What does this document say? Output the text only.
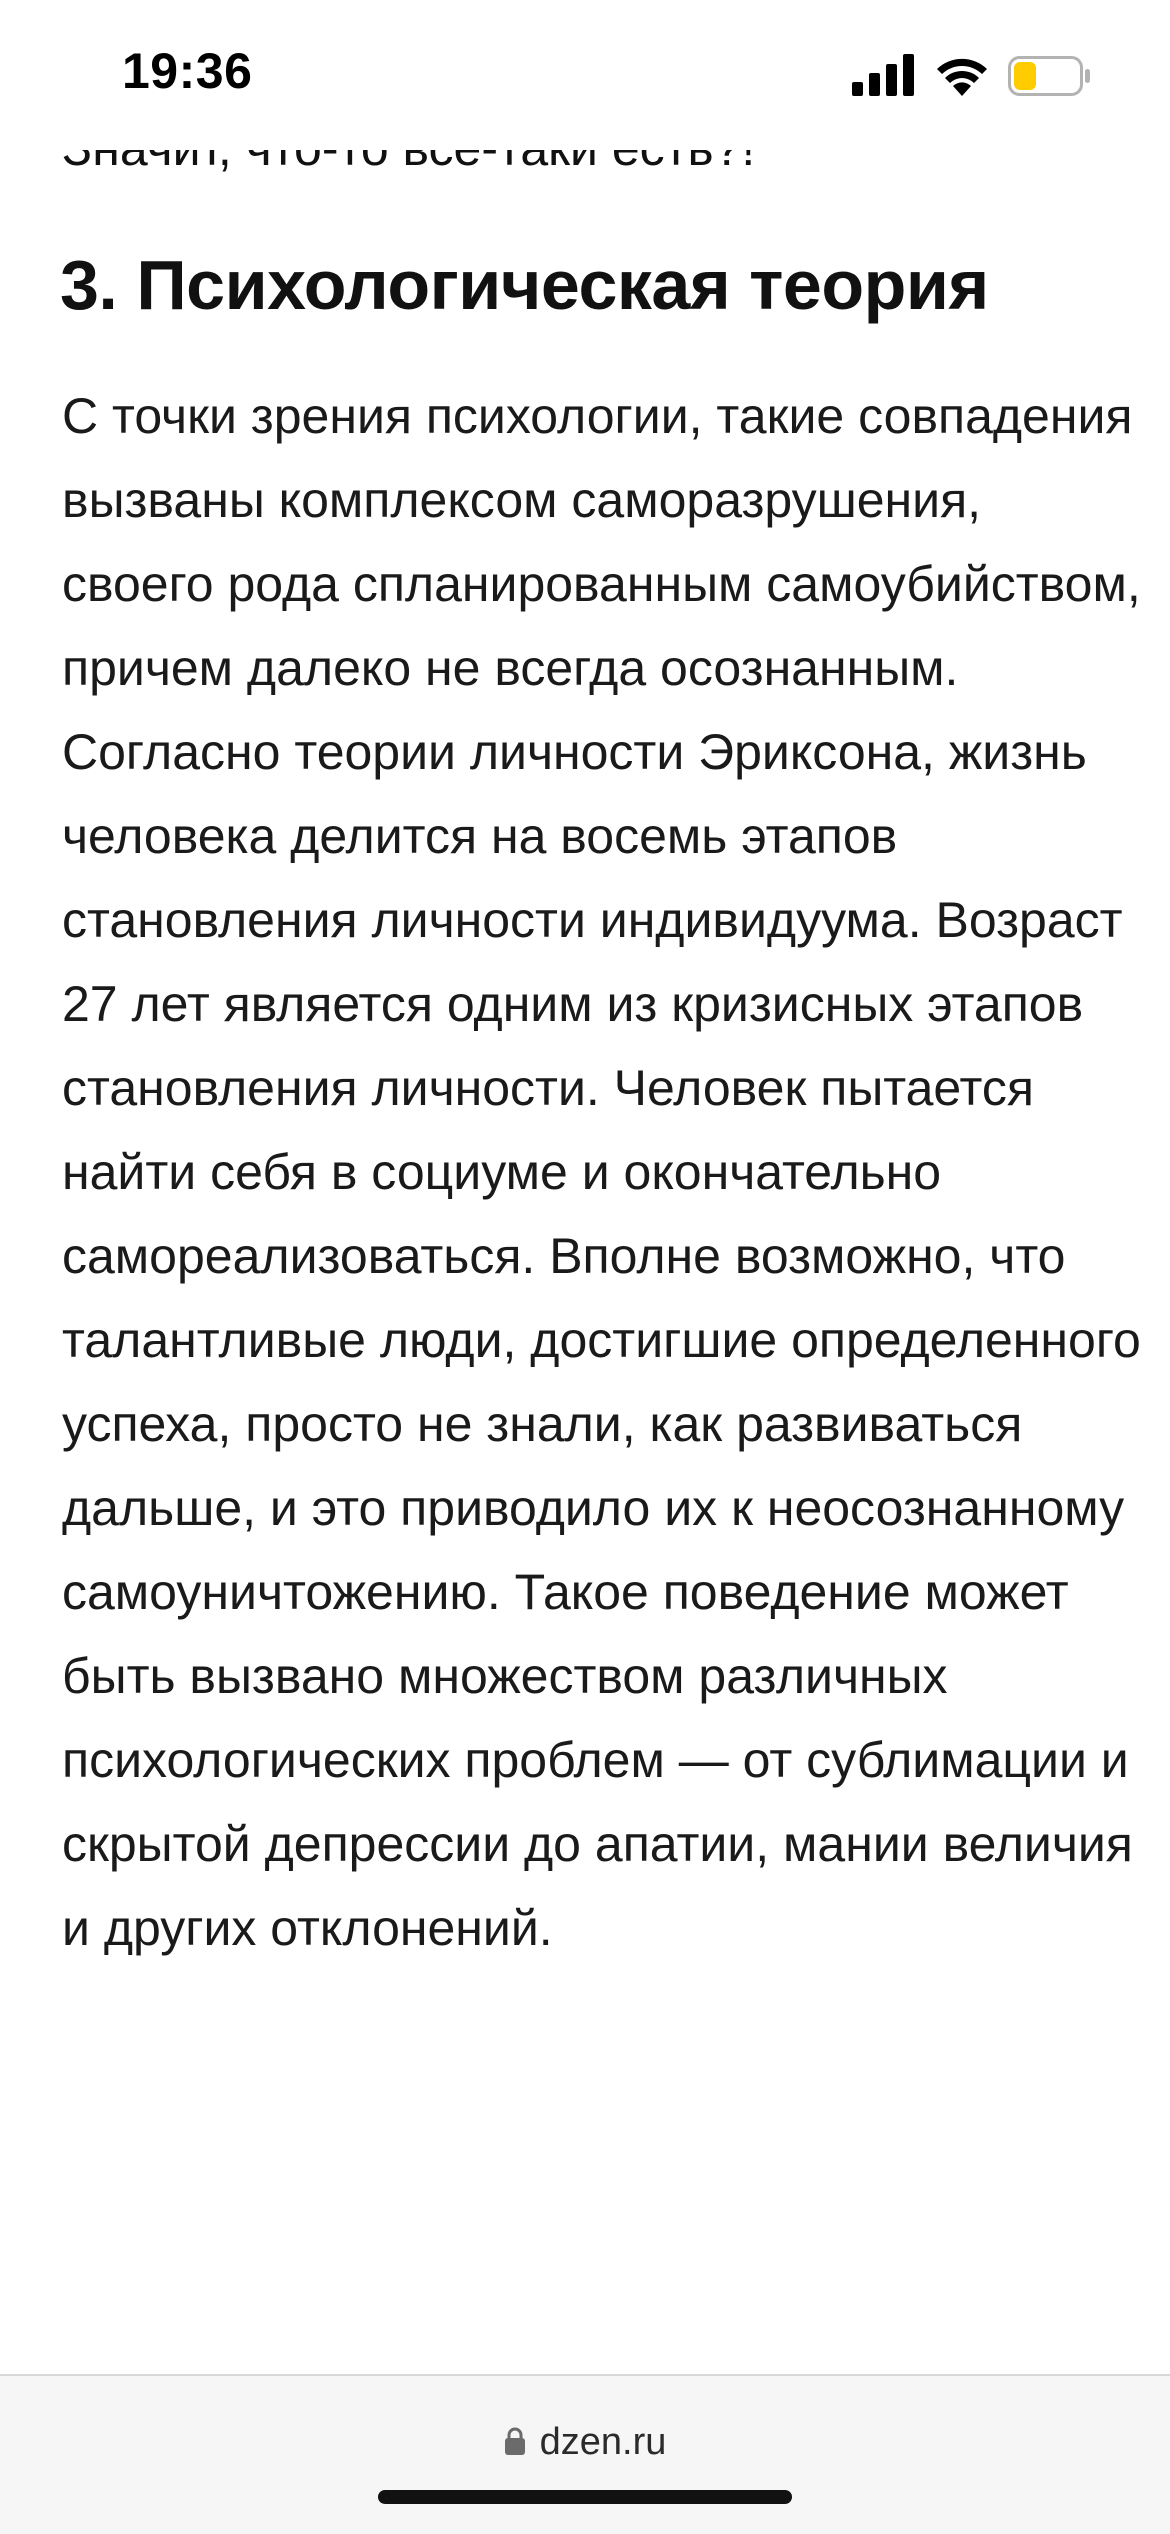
19:36
3. Психологическая теория

С точки зрения психологии, такие совпадения вызваны комплексом саморазрушения, своего рода спланированным самоубийством, причем далеко не всегда осознанным. Согласно теории личности Эриксона, жизнь человека делится на восемь этапов становления личности индивидуума. Возраст 27 лет является одним из кризисных этапов становления личности. Человек пытается найти себя в социуме и окончательно самореализоваться. Вполне возможно, что талантливые люди, достигшие определенного успеха, просто не знали, как развиваться дальше, и это приводило их к неосознанному самоуничтожению. Такое поведение может быть вызвано множеством различных психологических проблем — от сублимации и скрытой депрессии до апатии, мании величия и других отклонений.

dzen.ru
